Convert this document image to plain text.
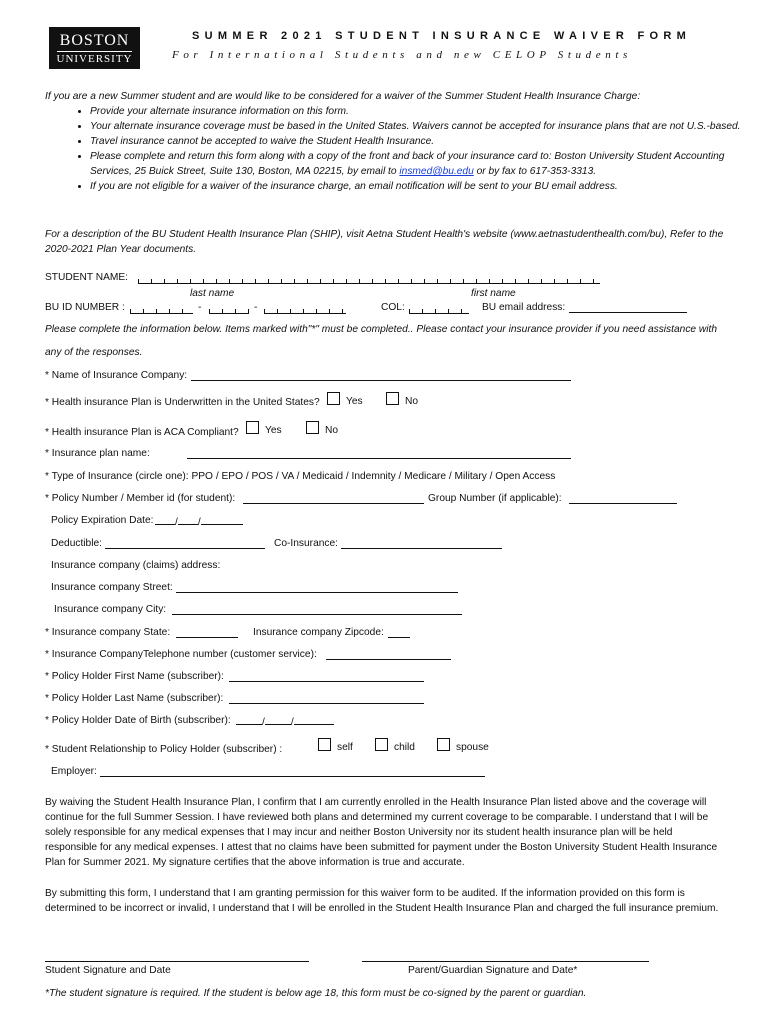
BOSTON
UNIVERSITY
SUMMER 2021 STUDENT INSURANCE WAIVER FORM
For International Students and new CELOP Students
If you are a new Summer student and are would like to be considered for a waiver of the Summer Student Health Insurance Charge:
• Provide your alternate insurance information on this form.
• Your alternate insurance coverage must be based in the United States. Waivers cannot be accepted for insurance plans that are not U.S.-based.
• Travel insurance cannot be accepted to waive the Student Health Insurance.
• Please complete and return this form along with a copy of the front and back of your insurance card to: Boston University Student Accounting Services, 25 Buick Street, Suite 130, Boston, MA 02215, by email to insmed@bu.edu or by fax to 617-353-3313.
• If you are not eligible for a waiver of the insurance charge, an email notification will be sent to your BU email address.
For a description of the BU Student Health Insurance Plan (SHIP), visit Aetna Student Health's website (www.aetnastudenthealth.com/bu), Refer to the 2020-2021 Plan Year documents.
STUDENT NAME:
last name	first name
BU ID NUMBER :	-	-	COL:	BU email address:
Please complete the information below. Items marked with"*" must be completed.. Please contact your insurance provider if you need assistance with
any of the responses.
* Name of Insurance Company:
* Health insurance Plan is Underwritten in the United States?	Yes	No
* Health insurance Plan is ACA Compliant?	Yes	No
* Insurance plan name:
* Type of Insurance (circle one): PPO / EPO / POS / VA / Medicaid / Indemnity / Medicare / Military / Open Access
* Policy Number / Member id (for student):	Group Number (if applicable):
Policy Expiration Date:	/ /
Deductible:	Co-Insurance:
Insurance company (claims) address:
Insurance company Street:
Insurance company City:
* Insurance company State:	Insurance company Zipcode:
* Insurance CompanyTelephone number (customer service):
* Policy Holder First Name (subscriber):
* Policy Holder Last Name (subscriber):
* Policy Holder Date of Birth (subscriber):	/	/
* Student Relationship to Policy Holder (subscriber) :	self	child	spouse
Employer:
By waiving the Student Health Insurance Plan, I confirm that I am currently enrolled in the Health Insurance Plan listed above and the coverage will continue for the full Summer Session. I have reviewed both plans and determined my current coverage to be comparable. I understand that I will be solely responsible for any medical expenses that I may incur and neither Boston University nor its student health insurance plan will be held responsible for any medical expenses. I attest that no claims have been submitted for payment under the Boston University Student Health Insurance Plan for Summer 2021. My signature certifies that the above information is true and accurate.
By submitting this form, I understand that I am granting permission for this waiver form to be audited. If the information provided on this form is determined to be incorrect or invalid, I understand that I will be enrolled in the Student Health Insurance Plan and charged the full insurance premium.
Student Signature and Date	Parent/Guardian Signature and Date*
*The student signature is required. If the student is below age 18, this form must be co-signed by the parent or guardian.
